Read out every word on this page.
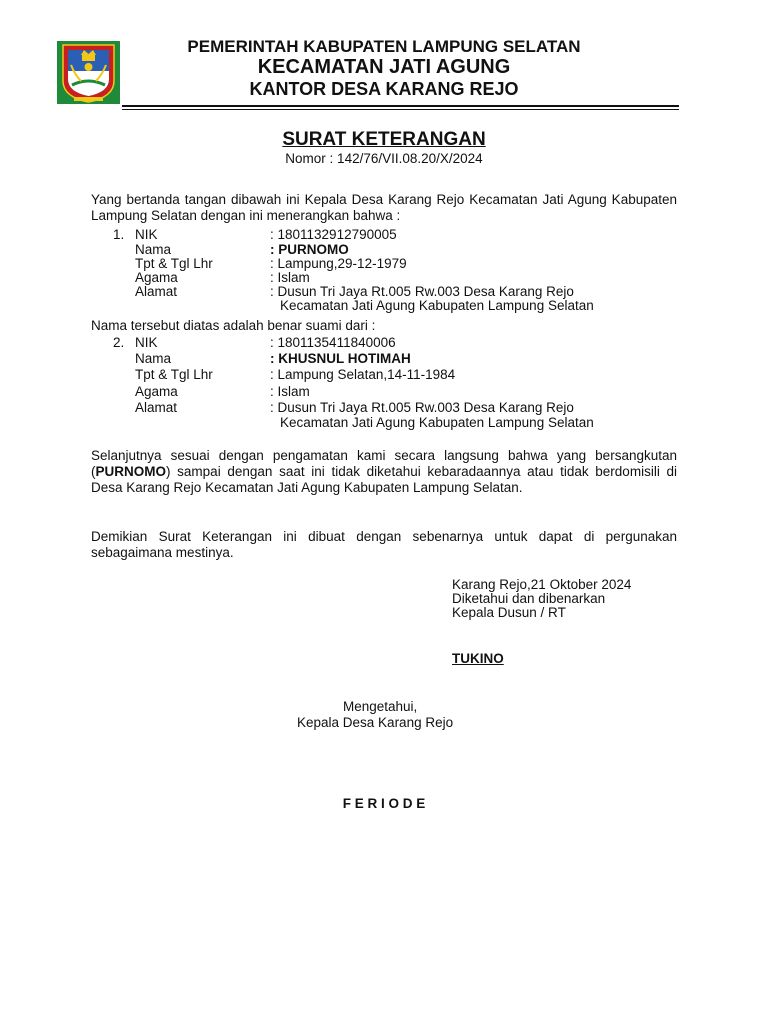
PEMERINTAH KABUPATEN LAMPUNG SELATAN
KECAMATAN JATI AGUNG
KANTOR DESA KARANG REJO
SURAT KETERANGAN
Nomor : 142/76/VII.08.20/X/2024
Yang bertanda tangan dibawah ini Kepala Desa Karang Rejo Kecamatan Jati Agung Kabupaten Lampung Selatan dengan ini menerangkan bahwa :
1. NIK	: 1801132912790005
Nama	: PURNOMO
Tpt & Tgl Lhr	: Lampung,29-12-1979
Agama	: Islam
Alamat	: Dusun Tri Jaya Rt.005 Rw.003 Desa Karang Rejo
Kecamatan Jati Agung Kabupaten Lampung Selatan
Nama tersebut diatas adalah benar suami dari :
2. NIK	: 1801135411840006
Nama	: KHUSNUL HOTIMAH
Tpt & Tgl Lhr	: Lampung Selatan,14-11-1984
Agama	: Islam
Alamat	: Dusun Tri Jaya Rt.005 Rw.003 Desa Karang Rejo
Kecamatan Jati Agung Kabupaten Lampung Selatan
Selanjutnya sesuai dengan pengamatan kami secara langsung bahwa yang bersangkutan (PURNOMO) sampai dengan saat ini tidak diketahui kebaradaannya atau tidak berdomisili di Desa Karang Rejo Kecamatan Jati Agung Kabupaten Lampung Selatan.
Demikian Surat Keterangan ini dibuat dengan sebenarnya untuk dapat di pergunakan sebagaimana mestinya.
Karang Rejo,21 Oktober 2024
Diketahui dan dibenarkan
Kepala Dusun / RT
TUKINO
Mengetahui,
Kepala Desa Karang Rejo
F E R I O D E
